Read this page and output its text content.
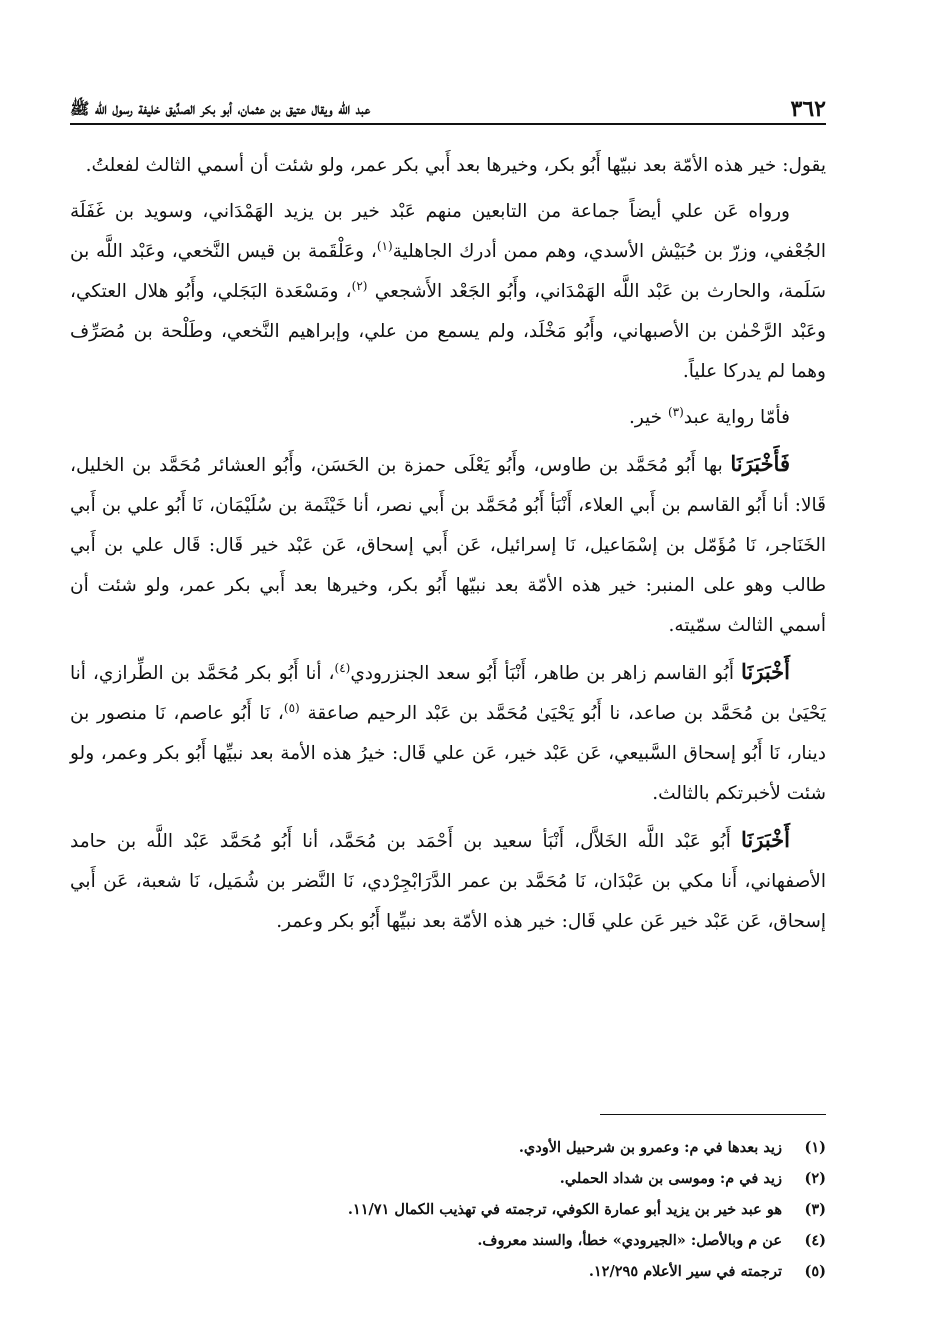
٣٦٢
عبد الله ويقال عتيق بن عثمان، أبو بكر الصدِّيق خليفة رسول الله ﷺ

يقول: خير هذه الأمّة بعد نبيّها أَبُو بكر، وخيرها بعد أَبي بكر عمر، ولو شئت أن أسمي الثالث لفعلتُ.

ورواه عَن علي أيضاً جماعة من التابعين منهم عَبْد خير بن يزيد الهَمْدَاني، وسويد بن غَفَلَة الجُعْفي، وزرّ بن حُبَيْش الأسدي، وهم ممن أدرك الجاهلية$^{(١)}$، وعَلْقَمة بن قيس النَّخعي، وعَبْد اللَّه بن سَلَمة، والحارث بن عَبْد اللَّه الهَمْدَاني، وأَبُو الجَعْد الأَشجعي $^{(٢)}$، ومَسْعَدة البَجَلي، وأَبُو هلال العتكي، وعَبْد الرَّحْمٰن بن الأصبهاني، وأَبُو مَخْلَد، ولم يسمع من علي، وإبراهيم النَّخعي، وطَلْحة بن مُصَرِّف وهما لم يدركا علياً.

فأمّا رواية عبد$^{(٣)}$ خير.

فَأَخْبَرَنَا بها أَبُو مُحَمَّد بن طاوس، وأَبُو يَعْلَى حمزة بن الحَسَن، وأَبُو العشائر مُحَمَّد بن الخليل، قَالا: أنا أَبُو القاسم بن أَبي العلاء، أَنْبَأ أَبُو مُحَمَّد بن أَبي نصر، أنا خَيْثَمة بن سُلَيْمَان، نَا أَبُو علي بن أَبي الخَنَاجر، نَا مُؤَمّل بن إسْمَاعيل، نَا إسرائيل، عَن أَبي إسحاق، عَن عَبْد خير قَال: قَال علي بن أَبي طالب وهو على المنبر: خير هذه الأمّة بعد نبيّها أَبُو بكر، وخيرها بعد أَبي بكر عمر، ولو شئت أن أسمي الثالث سمّيته.

أَخْبَرَنَا أَبُو القاسم زاهر بن طاهر، أَنْبَأ أَبُو سعد الجنزرودي$^{(٤)}$، أنا أَبُو بكر مُحَمَّد بن الطِّرازي، أنا يَحْيَىٰ بن مُحَمَّد بن صاعد، نا أَبُو يَحْيَىٰ مُحَمَّد بن عَبْد الرحيم صاعقة $^{(٥)}$، نَا أَبُو عاصم، نَا منصور بن دينار، نَا أَبُو إسحاق السَّبيعي، عَن عَبْد خير، عَن علي قَال: خيرُ هذه الأمة بعد نبيِّها أَبُو بكر وعمر، ولو شئت لأخبرتكم بالثالث.

أَخْبَرَنَا أَبُو عَبْد اللَّه الخَلاَّل، أَنْبَأ سعيد بن أَحْمَد بن مُحَمَّد، أنا أَبُو مُحَمَّد عَبْد اللَّه بن حامد الأصفهاني، أَنا مكي بن عَبْدَان، نَا مُحَمَّد بن عمر الدَّرَابْجِرْدي، نَا النَّضر بن شُمَيل، نَا شعبة، عَن أَبي إسحاق، عَن عَبْد خير عَن علي قَال: خير هذه الأمّة بعد نبيِّها أَبُو بكر وعمر.

(١)
زيد بعدها في م: وعمرو بن شرحبيل الأودي.
(٢)
زيد في م: وموسى بن شداد الحملي.
(٣)
هو عبد خير بن يزيد أبو عمارة الكوفي، ترجمته في تهذيب الكمال ١١/٧١.
(٤)
عن م وبالأصل: «الجيرودي» خطأ، والسند معروف.
(٥)
ترجمته في سير الأعلام ١٢/٢٩٥.
